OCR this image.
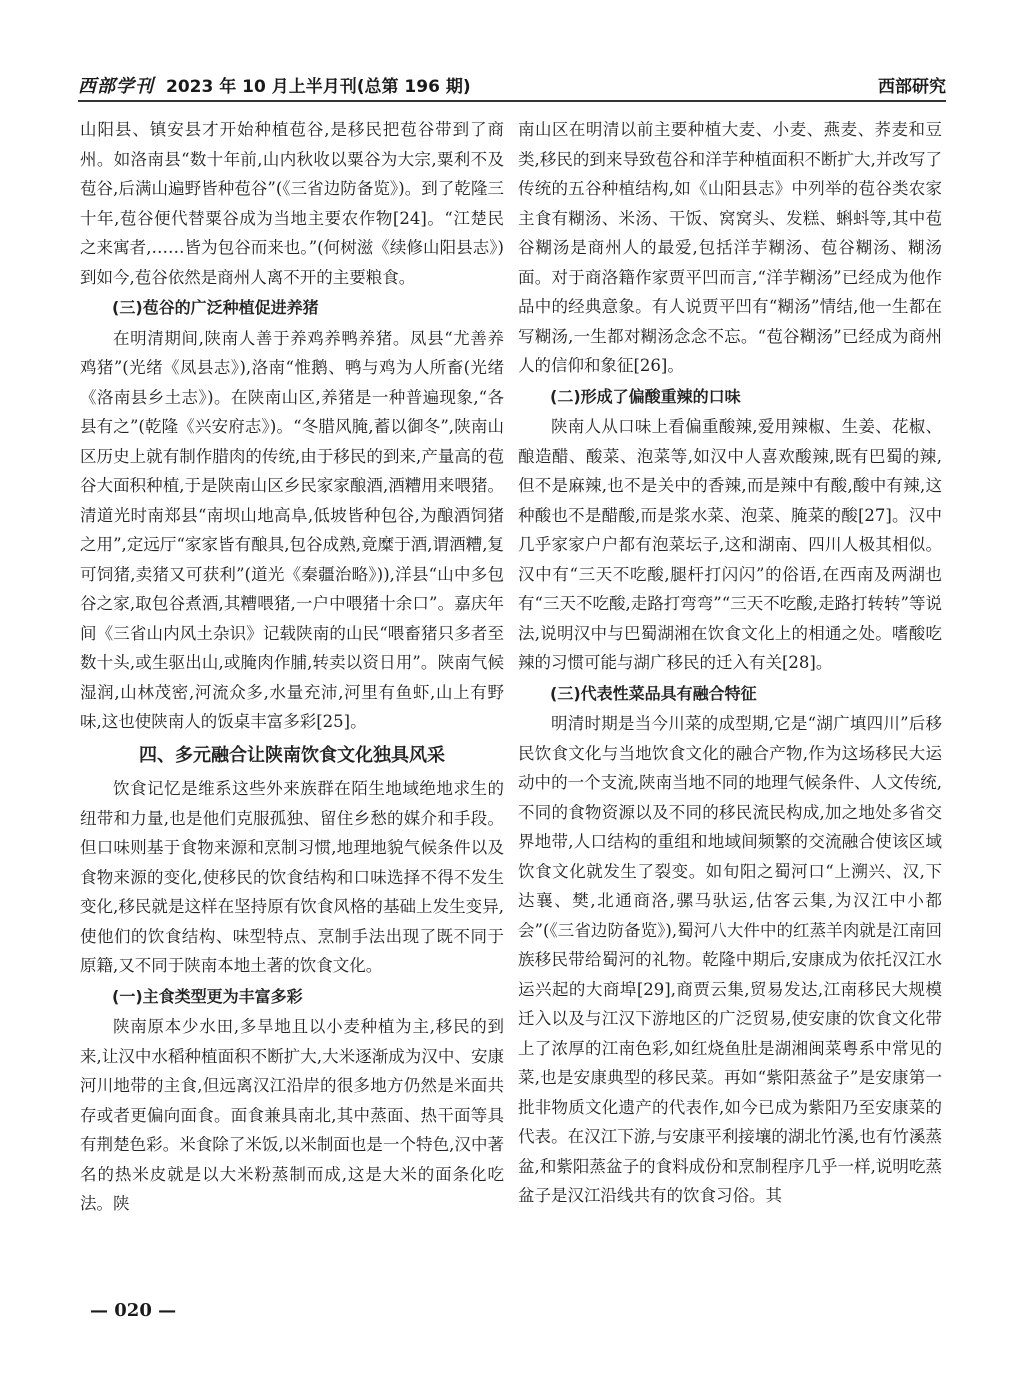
西部学刊 2023 年 10 月上半月刊(总第 196 期)	西部研究

山阳县、镇安县才开始种植苞谷,是移民把苞谷带到了商州。如洛南县“数十年前,山内秋收以粟谷为大宗,粟利不及苞谷,后满山遍野皆种苞谷”(《三省边防备览》)。到了乾隆三十年,苞谷便代替粟谷成为当地主要农作物[24]。“江楚民之来寓者,……皆为包谷而来也。”(何树滋《续修山阳县志》)到如今,苞谷依然是商州人离不开的主要粮食。

(三)苞谷的广泛种植促进养猪

在明清期间,陕南人善于养鸡养鸭养猪。凤县“尤善养鸡猪”(光绪《凤县志》),洛南“惟鹅、鸭与鸡为人所畜(光绪《洛南县乡土志》)。在陕南山区,养猪是一种普遍现象,“各县有之”(乾隆《兴安府志》)。“冬腊风腌,蓄以御冬”,陕南山区历史上就有制作腊肉的传统,由于移民的到来,产量高的苞谷大面积种植,于是陕南山区乡民家家酿酒,酒糟用来喂猪。清道光时南郑县“南坝山地高阜,低坡皆种包谷,为酿酒饲猪之用”,定远厅“家家皆有酿具,包谷成熟,竟糜于酒,谓酒糟,复可饲猪,卖猪又可获利”(道光《秦疆治略》)),洋县“山中多包谷之家,取包谷煮酒,其糟喂猪,一户中喂猪十余口”。嘉庆年间《三省山内风土杂识》记载陕南的山民“喂畜猪只多者至数十头,或生驱出山,或腌肉作脯,转卖以资日用”。陕南气候湿润,山林茂密,河流众多,水量充沛,河里有鱼虾,山上有野味,这也使陕南人的饭桌丰富多彩[25]。

四、多元融合让陕南饮食文化独具风采

饮食记忆是维系这些外来族群在陌生地域绝地求生的纽带和力量,也是他们克服孤独、留住乡愁的媒介和手段。但口味则基于食物来源和烹制习惯,地理地貌气候条件以及食物来源的变化,使移民的饮食结构和口味选择不得不发生变化,移民就是这样在坚持原有饮食风格的基础上发生变异,使他们的饮食结构、味型特点、烹制手法出现了既不同于原籍,又不同于陕南本地土著的饮食文化。

(一)主食类型更为丰富多彩

陕南原本少水田,多旱地且以小麦种植为主,移民的到来,让汉中水稻种植面积不断扩大,大米逐渐成为汉中、安康河川地带的主食,但远离汉江沿岸的很多地方仍然是米面共存或者更偏向面食。面食兼具南北,其中蒸面、热干面等具有荆楚色彩。米食除了米饭,以米制面也是一个特色,汉中著名的热米皮就是以大米粉蒸制而成,这是大米的面条化吃法。陕

南山区在明清以前主要种植大麦、小麦、燕麦、荞麦和豆类,移民的到来导致苞谷和洋芋种植面积不断扩大,并改写了传统的五谷种植结构,如《山阳县志》中列举的苞谷类农家主食有糊汤、米汤、干饭、窝窝头、发糕、蝌蚪等,其中苞谷糊汤是商州人的最爱,包括洋芋糊汤、苞谷糊汤、糊汤面。对于商洛籍作家贾平凹而言,“洋芋糊汤”已经成为他作品中的经典意象。有人说贾平凹有“糊汤”情结,他一生都在写糊汤,一生都对糊汤念念不忘。“苞谷糊汤”已经成为商州人的信仰和象征[26]。

(二)形成了偏酸重辣的口味

陕南人从口味上看偏重酸辣,爱用辣椒、生姜、花椒、酿造醋、酸菜、泡菜等,如汉中人喜欢酸辣,既有巴蜀的辣,但不是麻辣,也不是关中的香辣,而是辣中有酸,酸中有辣,这种酸也不是醋酸,而是浆水菜、泡菜、腌菜的酸[27]。汉中几乎家家户户都有泡菜坛子,这和湖南、四川人极其相似。汉中有“三天不吃酸,腿杆打闪闪”的俗语,在西南及两湖也有“三天不吃酸,走路打弯弯”“三天不吃酸,走路打转转”等说法,说明汉中与巴蜀湖湘在饮食文化上的相通之处。嗜酸吃辣的习惯可能与湖广移民的迁入有关[28]。

(三)代表性菜品具有融合特征

明清时期是当今川菜的成型期,它是“湖广填四川”后移民饮食文化与当地饮食文化的融合产物,作为这场移民大运动中的一个支流,陕南当地不同的地理气候条件、人文传统,不同的食物资源以及不同的移民流民构成,加之地处多省交界地带,人口结构的重组和地域间频繁的交流融合使该区域饮食文化就发生了裂变。如旬阳之蜀河口“上溯兴、汉,下达襄、樊,北通商洛,骡马驮运,估客云集,为汉江中小都会”(《三省边防备览》),蜀河八大件中的红蒸羊肉就是江南回族移民带给蜀河的礼物。乾隆中期后,安康成为依托汉江水运兴起的大商埠[29],商贾云集,贸易发达,江南移民大规模迁入以及与江汉下游地区的广泛贸易,使安康的饮食文化带上了浓厚的江南色彩,如红烧鱼肚是湖湘闽菜粤系中常见的菜,也是安康典型的移民菜。再如“紫阳蒸盆子”是安康第一批非物质文化遗产的代表作,如今已成为紫阳乃至安康菜的代表。在汉江下游,与安康平利接壤的湖北竹溪,也有竹溪蒸盆,和紫阳蒸盆子的食料成份和烹制程序几乎一样,说明吃蒸盆子是汉江沿线共有的饮食习俗。其

— 020 —
